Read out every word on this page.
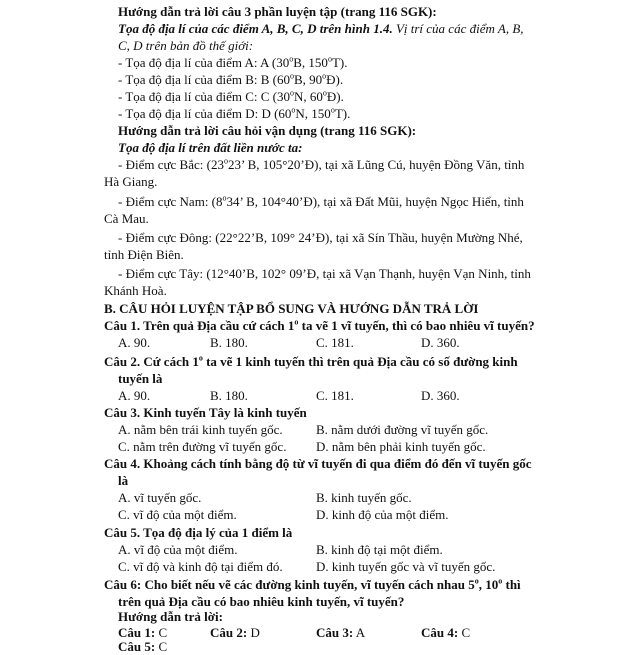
Hướng dẫn trả lời câu 3 phần luyện tập (trang 116 SGK):
Tọa độ địa lí của các điểm A, B, C, D trên hình 1.4. Vị trí của các điểm A, B,
C, D trên bản đồ thế giới:
- Tọa độ địa lí của điểm A: A (30$^o$B, 150$^o$T).
- Tọa độ địa lí của điểm B: B (60$^o$B, 90$^o$Đ).
- Tọa độ địa lí của điểm C: C (30$^o$N, 60$^o$Đ).
- Tọa độ địa lí của điểm D: D (60$^o$N, 150$^o$T).
Hướng dẫn trả lời câu hỏi vận dụng (trang 116 SGK):
Tọa độ địa lí trên đất liền nước ta:
- Điểm cực Bắc: (23$^o$23’ B, 105°20’Đ), tại xã Lũng Cú, huyện Đồng Văn, tỉnh
Hà Giang.
- Điểm cực Nam: (8$^o$34’ B, 104°40’Đ), tại xã Đất Mũi, huyện Ngọc Hiển, tỉnh
Cà Mau.
- Điểm cực Đông: (22°22’B, 109° 24’Đ), tại xã Sín Thầu, huyện Mường Nhé,
tỉnh Điện Biên.
- Điểm cực Tây: (12°40’B, 102° 09’Đ, tại xã Vạn Thạnh, huyện Vạn Ninh, tỉnh
Khánh Hoà.
B. CÂU HỎI LUYỆN TẬP BỔ SUNG VÀ HƯỚNG DẪN TRẢ LỜI
Câu 1. Trên quả Địa cầu cứ cách 1$^o$ ta vẽ 1 vĩ tuyến, thì có bao nhiêu vĩ tuyến?
A. 90.	B. 180.	C. 181.	D. 360.
Câu 2. Cứ cách 1$^o$ ta vẽ 1 kinh tuyến thì trên quả Địa cầu có số đường kinh
tuyến là
A. 90.	B. 180.	C. 181.	D. 360.
Câu 3. Kinh tuyến Tây là kinh tuyến
A. nằm bên trái kinh tuyến gốc.	B. nằm dưới đường vĩ tuyến gốc.
C. nằm trên đường vĩ tuyến gốc. D. nằm bên phải kinh tuyến gốc.
Câu 4. Khoảng cách tính bằng độ từ vĩ tuyến đi qua điểm đó đến vĩ tuyến gốc
là
A. vĩ tuyến gốc.	B. kinh tuyến gốc.
C. vĩ độ của một điểm.	D. kinh độ của một điểm.
Câu 5. Tọa độ địa lý của 1 điểm là
A. vĩ độ của một điểm.	B. kinh độ tại một điểm.
C. vĩ độ và kinh độ tại điểm đó.	D. kinh tuyến gốc và vĩ tuyến gốc.
Câu 6: Cho biết nếu vẽ các đường kinh tuyến, vĩ tuyến cách nhau 5$^o$, 10$^o$ thì
trên quả Địa cầu có bao nhiêu kinh tuyến, vĩ tuyến?
Hướng dẫn trả lời:
Câu 1: C	Câu 2: D	Câu 3: A	Câu 4: C
Câu 5: C
